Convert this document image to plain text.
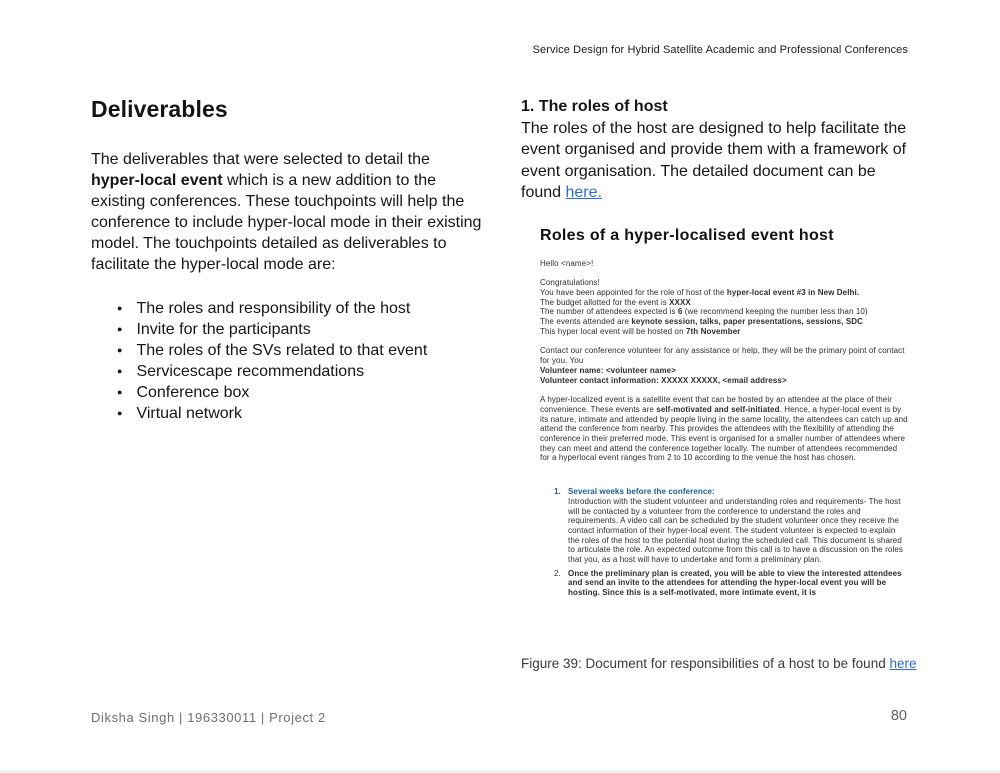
Service Design for Hybrid Satellite Academic and Professional Conferences
Deliverables

The deliverables that were selected to detail the hyper-local event which is a new addition to the existing conferences. These touchpoints will help the conference to include hyper-local mode in their existing model. The touchpoints detailed as deliverables to facilitate the hyper-local mode are:

● The roles and responsibility of the host
● Invite for the participants
● The roles of the SVs related to that event
● Servicescape recommendations
● Conference box
● Virtual network
1. The roles of host

The roles of the host are designed to help facilitate the event organised and provide them with a framework of event organisation. The detailed document can be found here.

Roles of a hyper-localised event host
Hello <name>!
Congratulations!
You have been appointed for the role of host of the hyper-local event #3 in New Delhi.
The budget allotted for the event is XXXX
The number of attendees expected is 6 (we recommend keeping the number less than 10)
The events attended are keynote session, talks, paper presentations, sessions, SDC
This hyper local event will be hosted on 7th November
Contact our conference volunteer for any assistance or help, they will be the primary point of contact for you. You
Volunteer name: <volunteer name>
Volunteer contact information: XXXXX XXXXX, <email address>
A hyper-localized event is a satellite event that can be hosted by an attendee at the place of their convenience. These events are self-motivated and self-initiated. Hence, a hyper-local event is by its nature, intimate and attended by people living in the same locality, the attendees can catch up and attend the conference from nearby. This provides the attendees with the flexibility of attending the conference in their preferred mode. This event is organised for a smaller number of attendees where they can meet and attend the conference together locally. The number of attendees recommended for a hyperlocal event ranges from 2 to 10 according to the venue the host has chosen.
1. Several weeks before the conference:
Introduction with the student volunteer and understanding roles and requirements- The host will be contacted by a volunteer from the conference to understand the roles and requirements. A video call can be scheduled by the student volunteer once they receive the contact information of their hyper-local event. The student volunteer is expected to explain the roles of the host to the potential host during the scheduled call. This document is shared to articulate the role. An expected outcome from this call is to have a discussion on the roles that you, as a host will have to undertake and form a preliminary plan.
2. Once the preliminary plan is created, you will be able to view the interested attendees and send an invite to the attendees for attending the hyper-local event you will be hosting. Since this is a self-motivated, more intimate event, it is
Figure 39: Document for responsibilities of a host to be found here
Diksha Singh | 196330011 | Project 2	80
